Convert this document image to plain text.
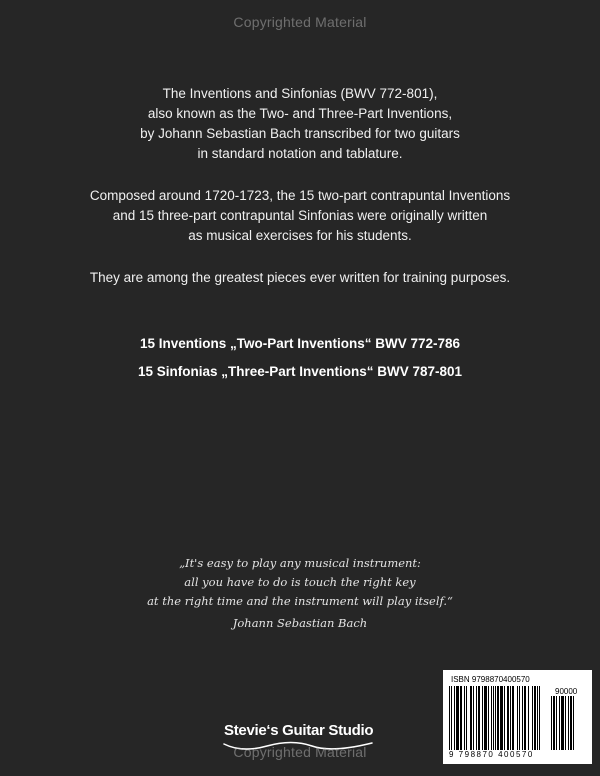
Copyrighted Material
The Inventions and Sinfonias (BWV 772-801),
also known as the Two- and Three-Part Inventions,
by Johann Sebastian Bach transcribed for two guitars
in standard notation and tablature.
Composed around 1720-1723, the 15 two-part contrapuntal Inventions
and 15 three-part contrapuntal Sinfonias were originally written
as musical exercises for his students.
They are among the greatest pieces ever written for training purposes.
15 Inventions „Two-Part Inventions“ BWV 772-786
15 Sinfonias „Three-Part Inventions“ BWV 787-801
„It's easy to play any musical instrument:
all you have to do is touch the right key
at the right time and the instrument will play itself.“
Johann Sebastian Bach
Stevie‘s Guitar Studio
Copyrighted Material
ISBN 9798870400570
90000
9 798870 400570
